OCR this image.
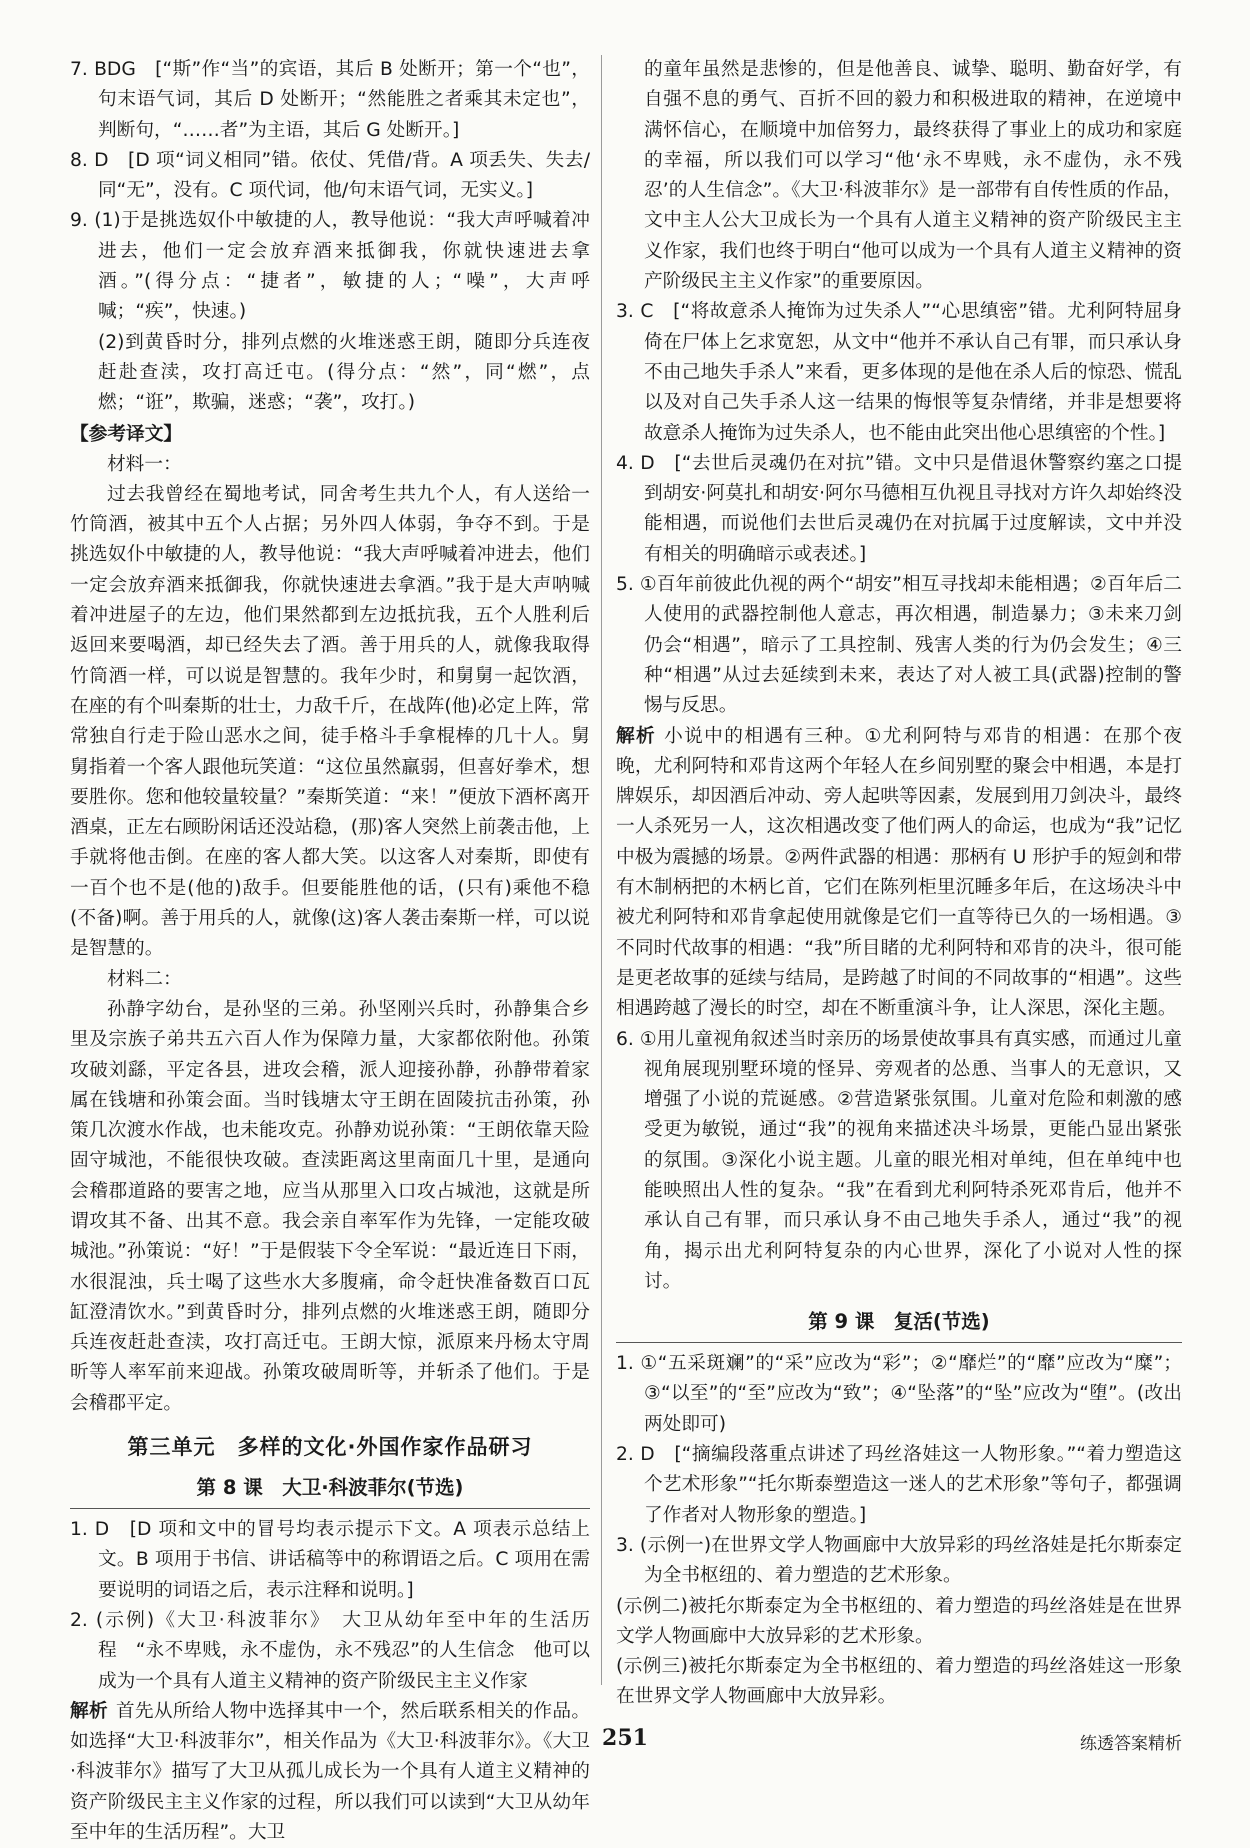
7. BDG　[“斯”作“当”的宾语，其后 B 处断开；第一个“也”，句末语气词，其后 D 处断开；“然能胜之者乘其未定也”，判断句，“……者”为主语，其后 G 处断开。]

8. D　[D 项“词义相同”错。依仗、凭借/背。A 项丢失、失去/同“无”，没有。C 项代词，他/句末语气词，无实义。]

9. (1)于是挑选奴仆中敏捷的人，教导他说：“我大声呼喊着冲进去，他们一定会放弃酒来抵御我，你就快速进去拿酒。”(得分点：“捷者”，敏捷的人；“噪”，大声呼喊；“疾”，快速。)

(2)到黄昏时分，排列点燃的火堆迷惑王朗，随即分兵连夜赶赴查渎，攻打高迁屯。(得分点：“然”，同“燃”，点燃；“诳”，欺骗，迷惑；“袭”，攻打。)

【参考译文】

材料一：

过去我曾经在蜀地考试，同舍考生共九个人，有人送给一竹筒酒，被其中五个人占据；另外四人体弱，争夺不到。于是挑选奴仆中敏捷的人，教导他说：“我大声呼喊着冲进去，他们一定会放弃酒来抵御我，你就快速进去拿酒。”我于是大声呐喊着冲进屋子的左边，他们果然都到左边抵抗我，五个人胜利后返回来要喝酒，却已经失去了酒。善于用兵的人，就像我取得竹筒酒一样，可以说是智慧的。我年少时，和舅舅一起饮酒，在座的有个叫秦斯的壮士，力敌千斤，在战阵(他)必定上阵，常常独自行走于险山恶水之间，徒手格斗手拿棍棒的几十人。舅舅指着一个客人跟他玩笑道：“这位虽然羸弱，但喜好拳术，想要胜你。您和他较量较量？”秦斯笑道：“来！”便放下酒杯离开酒桌，正左右顾盼闲话还没站稳，(那)客人突然上前袭击他，上手就将他击倒。在座的客人都大笑。以这客人对秦斯，即使有一百个也不是(他的)敌手。但要能胜他的话，(只有)乘他不稳(不备)啊。善于用兵的人，就像(这)客人袭击秦斯一样，可以说是智慧的。

材料二：

孙静字幼台，是孙坚的三弟。孙坚刚兴兵时，孙静集合乡里及宗族子弟共五六百人作为保障力量，大家都依附他。孙策攻破刘繇，平定各县，进攻会稽，派人迎接孙静，孙静带着家属在钱塘和孙策会面。当时钱塘太守王朗在固陵抗击孙策，孙策几次渡水作战，也未能攻克。孙静劝说孙策：“王朗依靠天险固守城池，不能很快攻破。查渎距离这里南面几十里，是通向会稽郡道路的要害之地，应当从那里入口攻占城池，这就是所谓攻其不备、出其不意。我会亲自率军作为先锋，一定能攻破城池。”孙策说：“好！”于是假装下令全军说：“最近连日下雨，水很混浊，兵士喝了这些水大多腹痛，命令赶快准备数百口瓦缸澄清饮水。”到黄昏时分，排列点燃的火堆迷惑王朗，随即分兵连夜赶赴查渎，攻打高迁屯。王朗大惊，派原来丹杨太守周昕等人率军前来迎战。孙策攻破周昕等，并斩杀了他们。于是会稽郡平定。

第三单元　多样的文化·外国作家作品研习
第 8 课　大卫·科波菲尔(节选)

1. D　[D 项和文中的冒号均表示提示下文。A 项表示总结上文。B 项用于书信、讲话稿等中的称谓语之后。C 项用在需要说明的词语之后，表示注释和说明。]

2. (示例)《大卫·科波菲尔》　大卫从幼年至中年的生活历程　“永不卑贱，永不虚伪，永不残忍”的人生信念　他可以成为一个具有人道主义精神的资产阶级民主主义作家

解析 首先从所给人物中选择其中一个，然后联系相关的作品。如选择“大卫·科波菲尔”，相关作品为《大卫·科波菲尔》。《大卫·科波菲尔》描写了大卫从孤儿成长为一个具有人道主义精神的资产阶级民主主义作家的过程，所以我们可以读到“大卫从幼年至中年的生活历程”。大卫

的童年虽然是悲惨的，但是他善良、诚挚、聪明、勤奋好学，有自强不息的勇气、百折不回的毅力和积极进取的精神，在逆境中满怀信心，在顺境中加倍努力，最终获得了事业上的成功和家庭的幸福，所以我们可以学习“他‘永不卑贱，永不虚伪，永不残忍’的人生信念”。《大卫·科波菲尔》是一部带有自传性质的作品，文中主人公大卫成长为一个具有人道主义精神的资产阶级民主主义作家，我们也终于明白“他可以成为一个具有人道主义精神的资产阶级民主主义作家”的重要原因。

3. C　[“将故意杀人掩饰为过失杀人”“心思缜密”错。尤利阿特屈身倚在尸体上乞求宽恕，从文中“他并不承认自己有罪，而只承认身不由己地失手杀人”来看，更多体现的是他在杀人后的惊恐、慌乱以及对自己失手杀人这一结果的悔恨等复杂情绪，并非是想要将故意杀人掩饰为过失杀人，也不能由此突出他心思缜密的个性。]

4. D　[“去世后灵魂仍在对抗”错。文中只是借退休警察约塞之口提到胡安·阿莫扎和胡安·阿尔马德相互仇视且寻找对方许久却始终没能相遇，而说他们去世后灵魂仍在对抗属于过度解读，文中并没有相关的明确暗示或表述。]

5. ①百年前彼此仇视的两个“胡安”相互寻找却未能相遇；②百年后二人使用的武器控制他人意志，再次相遇，制造暴力；③未来刀剑仍会“相遇”，暗示了工具控制、残害人类的行为仍会发生；④三种“相遇”从过去延续到未来，表达了对人被工具(武器)控制的警惕与反思。

解析 小说中的相遇有三种。①尤利阿特与邓肯的相遇：在那个夜晚，尤利阿特和邓肯这两个年轻人在乡间别墅的聚会中相遇，本是打牌娱乐，却因酒后冲动、旁人起哄等因素，发展到用刀剑决斗，最终一人杀死另一人，这次相遇改变了他们两人的命运，也成为“我”记忆中极为震撼的场景。②两件武器的相遇：那柄有 U 形护手的短剑和带有木制柄把的木柄匕首，它们在陈列柜里沉睡多年后，在这场决斗中被尤利阿特和邓肯拿起使用就像是它们一直等待已久的一场相遇。③不同时代故事的相遇：“我”所目睹的尤利阿特和邓肯的决斗，很可能是更老故事的延续与结局，是跨越了时间的不同故事的“相遇”。这些相遇跨越了漫长的时空，却在不断重演斗争，让人深思，深化主题。

6. ①用儿童视角叙述当时亲历的场景使故事具有真实感，而通过儿童视角展现别墅环境的怪异、旁观者的怂恿、当事人的无意识，又增强了小说的荒诞感。②营造紧张氛围。儿童对危险和刺激的感受更为敏锐，通过“我”的视角来描述决斗场景，更能凸显出紧张的氛围。③深化小说主题。儿童的眼光相对单纯，但在单纯中也能映照出人性的复杂。“我”在看到尤利阿特杀死邓肯后，他并不承认自己有罪，而只承认身不由己地失手杀人，通过“我”的视角，揭示出尤利阿特复杂的内心世界，深化了小说对人性的探讨。

第 9 课　复活(节选)

1. ①“五采斑斓”的“采”应改为“彩”；②“靡烂”的“靡”应改为“糜”；③“以至”的“至”应改为“致”；④“坠落”的“坠”应改为“堕”。(改出两处即可)

2. D　[“摘编段落重点讲述了玛丝洛娃这一人物形象。”“着力塑造这个艺术形象”“托尔斯泰塑造这一迷人的艺术形象”等句子，都强调了作者对人物形象的塑造。]

3. (示例一)在世界文学人物画廊中大放异彩的玛丝洛娃是托尔斯泰定为全书枢纽的、着力塑造的艺术形象。

(示例二)被托尔斯泰定为全书枢纽的、着力塑造的玛丝洛娃是在世界文学人物画廊中大放异彩的艺术形象。

(示例三)被托尔斯泰定为全书枢纽的、着力塑造的玛丝洛娃这一形象在世界文学人物画廊中大放异彩。

251	练透答案精析
